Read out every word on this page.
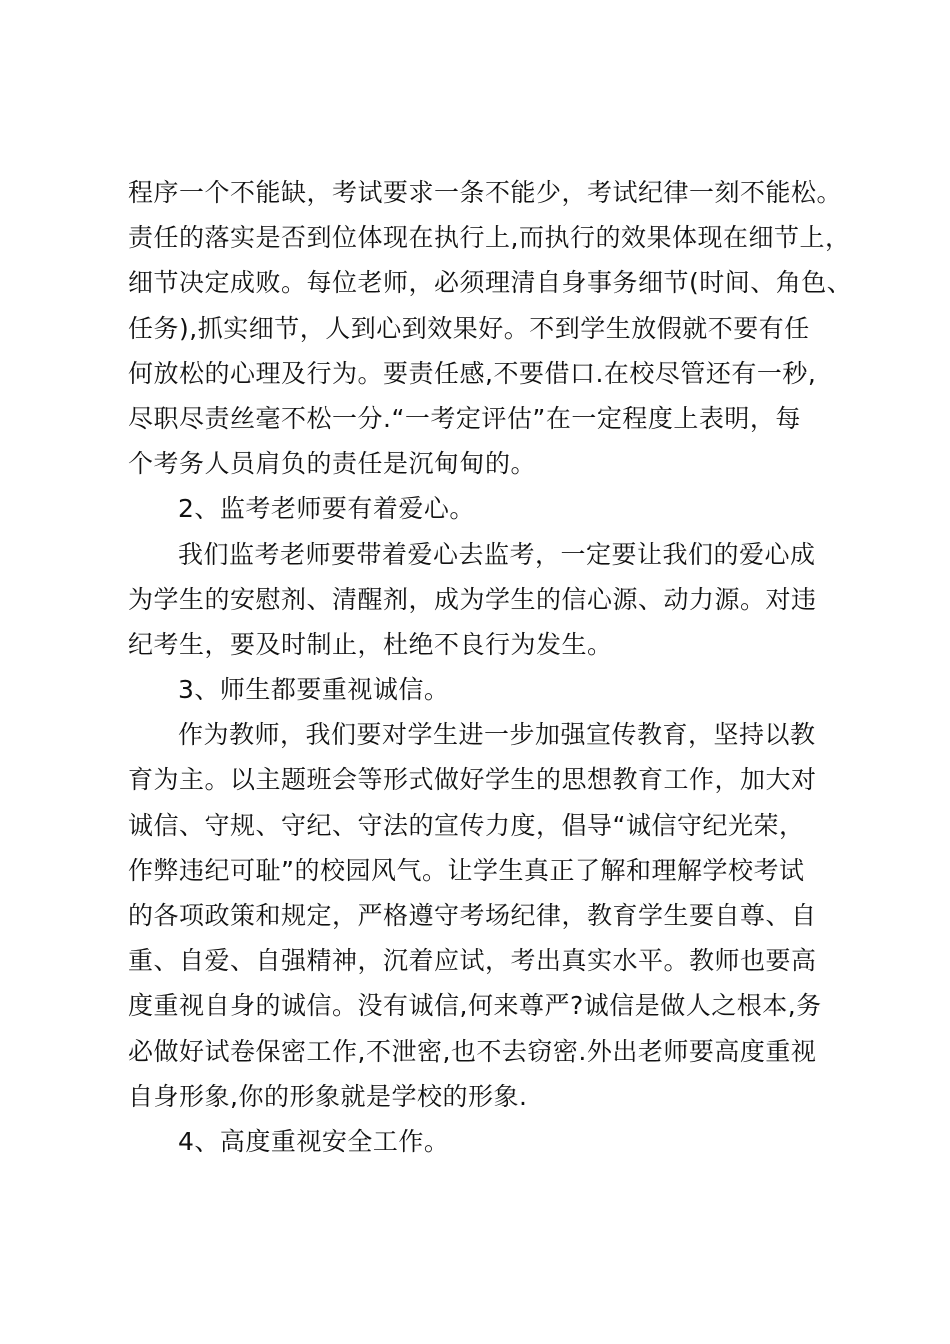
程序一个不能缺，考试要求一条不能少，考试纪律一刻不能松。
责任的落实是否到位体现在执行上,而执行的效果体现在细节上，
细节决定成败。每位老师，必须理清自身事务细节(时间、角色、
任务),抓实细节，人到心到效果好。不到学生放假就不要有任
何放松的心理及行为。要责任感,不要借口.在校尽管还有一秒,
尽职尽责丝毫不松一分.“一考定评估”在一定程度上表明，每
个考务人员肩负的责任是沉甸甸的。
2、监考老师要有着爱心。
我们监考老师要带着爱心去监考，一定要让我们的爱心成
为学生的安慰剂、清醒剂，成为学生的信心源、动力源。对违
纪考生，要及时制止，杜绝不良行为发生。
3、师生都要重视诚信。
作为教师，我们要对学生进一步加强宣传教育，坚持以教
育为主。以主题班会等形式做好学生的思想教育工作，加大对
诚信、守规、守纪、守法的宣传力度，倡导“诚信守纪光荣，
作弊违纪可耻”的校园风气。让学生真正了解和理解学校考试
的各项政策和规定，严格遵守考场纪律，教育学生要自尊、自
重、自爱、自强精神，沉着应试，考出真实水平。教师也要高
度重视自身的诚信。没有诚信,何来尊严?诚信是做人之根本,务
必做好试卷保密工作,不泄密,也不去窃密.外出老师要高度重视
自身形象,你的形象就是学校的形象.
4、高度重视安全工作。
